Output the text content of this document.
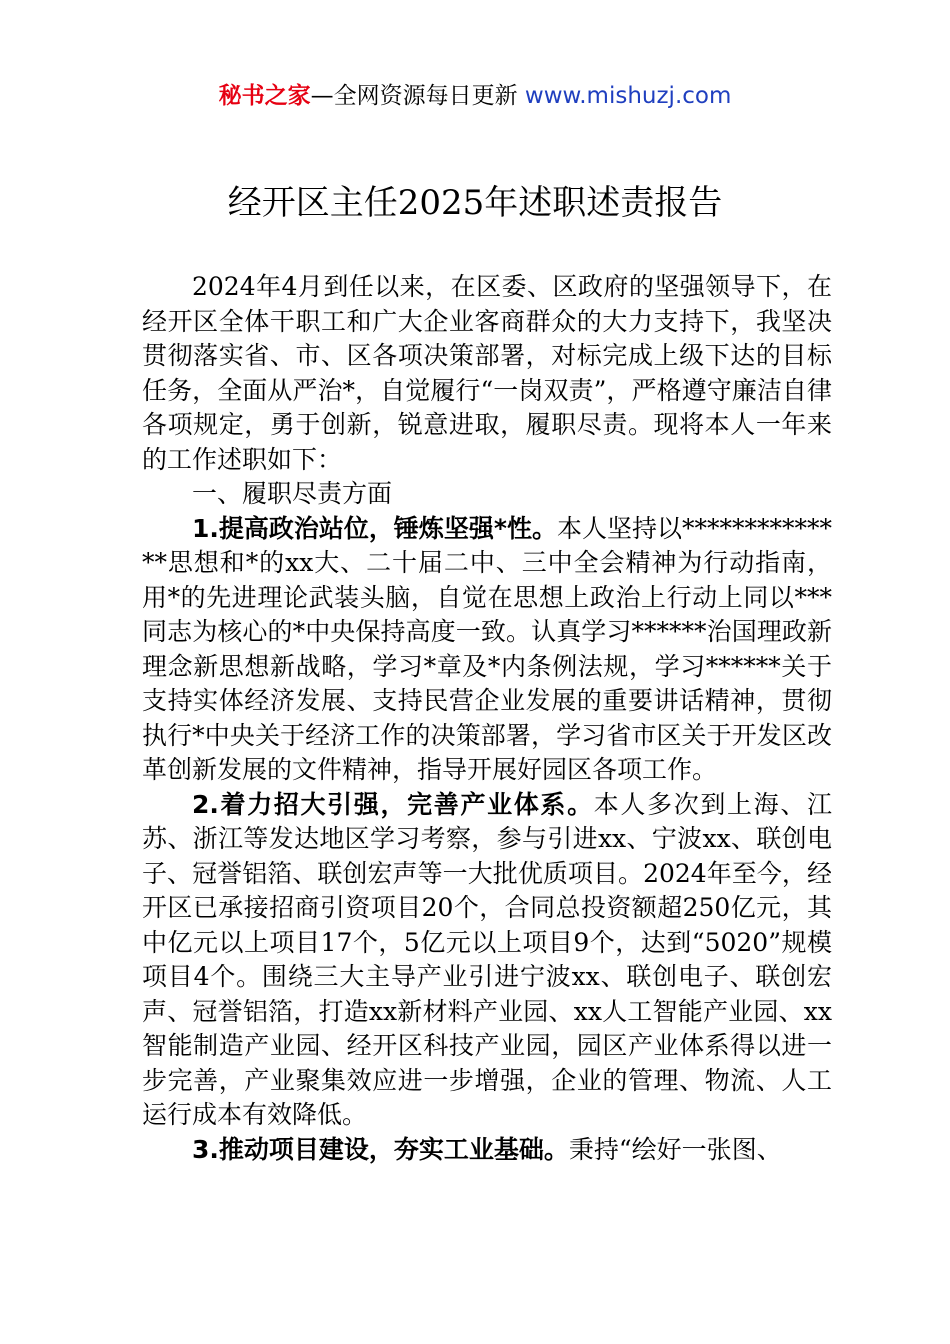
秘书之家—全网资源每日更新 www.mishuzj.com
经开区主任2025年述职述责报告

2024年4月到任以来，在区委、区政府的坚强领导下，在经开区全体干职工和广大企业客商群众的大力支持下，我坚决贯彻落实省、市、区各项决策部署，对标完成上级下达的目标任务，全面从严治*，自觉履行“一岗双责”，严格遵守廉洁自律各项规定，勇于创新，锐意进取，履职尽责。现将本人一年来的工作述职如下：

一、履职尽责方面

1.提高政治站位，锤炼坚强*性。本人坚持以**************思想和*的xx大、二十届二中、三中全会精神为行动指南，用*的先进理论武装头脑，自觉在思想上政治上行动上同以***同志为核心的*中央保持高度一致。认真学习******治国理政新理念新思想新战略，学习*章及*内条例法规，学习******关于支持实体经济发展、支持民营企业发展的重要讲话精神，贯彻执行*中央关于经济工作的决策部署，学习省市区关于开发区改革创新发展的文件精神，指导开展好园区各项工作。

2.着力招大引强，完善产业体系。本人多次到上海、江苏、浙江等发达地区学习考察，参与引进xx、宁波xx、联创电子、冠誉铝箔、联创宏声等一大批优质项目。2024年至今，经开区已承接招商引资项目20个，合同总投资额超250亿元，其中亿元以上项目17个，5亿元以上项目9个，达到“5020”规模项目4个。围绕三大主导产业引进宁波xx、联创电子、联创宏声、冠誉铝箔，打造xx新材料产业园、xx人工智能产业园、xx智能制造产业园、经开区科技产业园，园区产业体系得以进一步完善，产业聚集效应进一步增强，企业的管理、物流、人工运行成本有效降低。

3.推动项目建设，夯实工业基础。秉持“绘好一张图、
